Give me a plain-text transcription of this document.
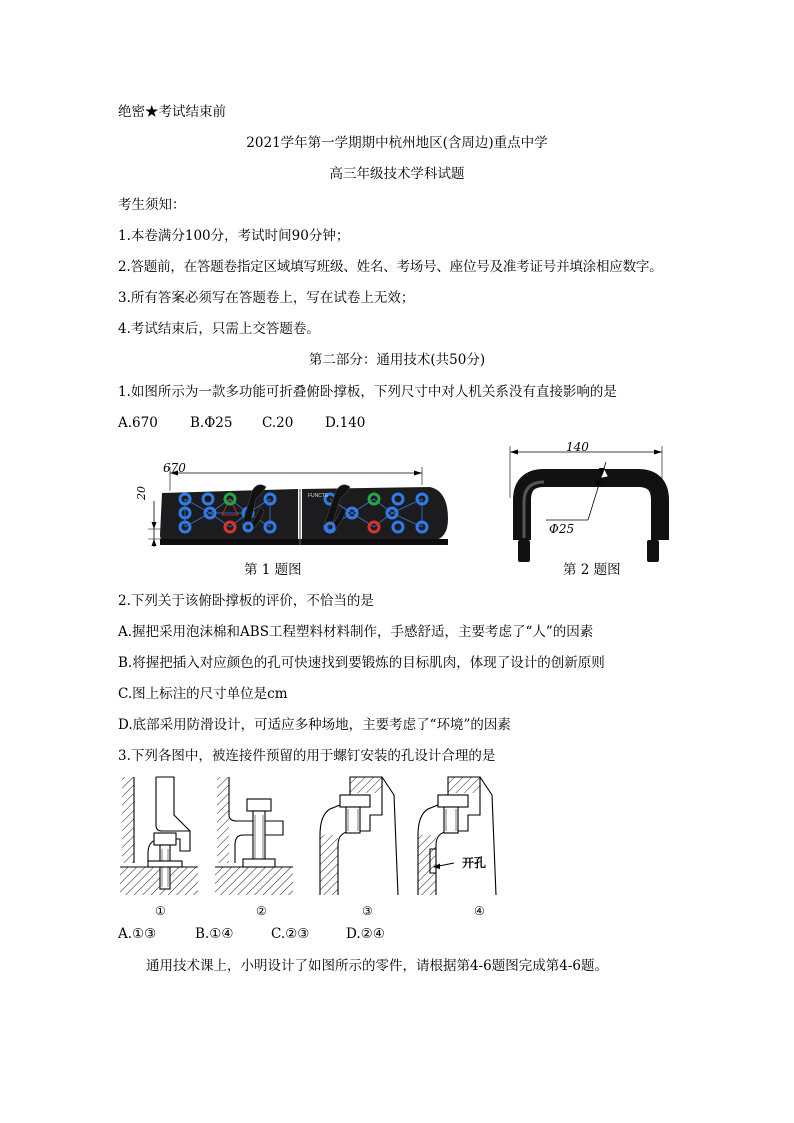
绝密★考试结束前
2021学年第一学期期中杭州地区(含周边)重点中学
高三年级技术学科试题
考生须知：
1.本卷满分100分，考试时间90分钟；
2.答题前，在答题卷指定区域填写班级、姓名、考场号、座位号及准考证号并填涂相应数字。
3.所有答案必须写在答题卷上，写在试卷上无效；
4.考试结束后，只需上交答题卷。
第二部分：通用技术(共50分)
1.如图所示为一款多功能可折叠俯卧撑板，下列尺寸中对人机关系没有直接影响的是
A.670 B.Φ25 C.20 D.140
FUNCTE
670
20
第 1 题图
140
Φ25
第 2 题图
2.下列关于该俯卧撑板的评价，不恰当的是
A.握把采用泡沫棉和ABS工程塑料材料制作，手感舒适，主要考虑了“人”的因素
B.将握把插入对应颜色的孔可快速找到要锻炼的目标肌肉，体现了设计的创新原则
C.图上标注的尺寸单位是cm
D.底部采用防滑设计，可适应多种场地，主要考虑了“环境”的因素
3.下列各图中，被连接件预留的用于螺钉安装的孔设计合理的是
①	②	③	④
开孔
A.①③	B.①④	C.②③	D.②④
通用技术课上，小明设计了如图所示的零件，请根据第4-6题图完成第4-6题。
